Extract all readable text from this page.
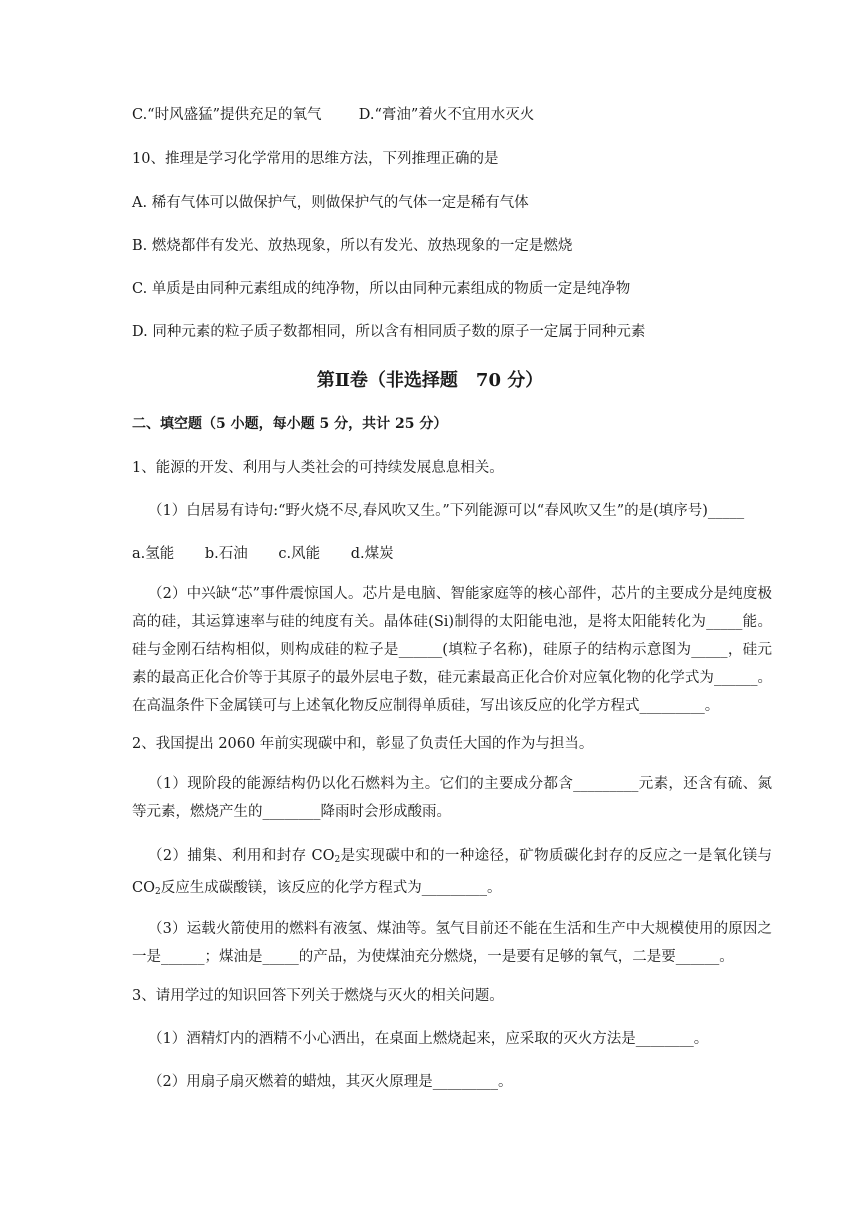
C.“时风盛猛”提供充足的氧气	D.“膏油”着火不宜用水灭火
10、推理是学习化学常用的思维方法，下列推理正确的是
A. 稀有气体可以做保护气，则做保护气的气体一定是稀有气体
B. 燃烧都伴有发光、放热现象，所以有发光、放热现象的一定是燃烧
C. 单质是由同种元素组成的纯净物，所以由同种元素组成的物质一定是纯净物
D. 同种元素的粒子质子数都相同，所以含有相同质子数的原子一定属于同种元素
第Ⅱ卷（非选择题　70 分）
二、填空题（5 小题，每小题 5 分，共计 25 分）
1、能源的开发、利用与人类社会的可持续发展息息相关。
（1）白居易有诗句:“野火烧不尽,春风吹又生。”下列能源可以“春风吹又生”的是(填序号)_____
a.氢能 b.石油 c.风能 d.煤炭
（2）中兴缺“芯”事件震惊国人。芯片是电脑、智能家庭等的核心部件，芯片的主要成分是纯度极高的硅，其运算速率与硅的纯度有关。晶体硅(Si)制得的太阳能电池，是将太阳能转化为_____能。硅与金刚石结构相似，则构成硅的粒子是______(填粒子名称)，硅原子的结构示意图为_____，硅元素的最高正化合价等于其原子的最外层电子数，硅元素最高正化合价对应氧化物的化学式为______。在高温条件下金属镁可与上述氧化物反应制得单质硅，写出该反应的化学方程式_________。
2、我国提出 2060 年前实现碳中和，彰显了负责任大国的作为与担当。
（1）现阶段的能源结构仍以化石燃料为主。它们的主要成分都含_________元素，还含有硫、氮等元素，燃烧产生的________降雨时会形成酸雨。
（2）捕集、利用和封存 $CO_2$是实现碳中和的一种途径，矿物质碳化封存的反应之一是氧化镁与 $CO_2$反应生成碳酸镁，该反应的化学方程式为_________。
（3）运载火箭使用的燃料有液氢、煤油等。氢气目前还不能在生活和生产中大规模使用的原因之一是______；煤油是_____的产品，为使煤油充分燃烧，一是要有足够的氧气，二是要______。
3、请用学过的知识回答下列关于燃烧与灭火的相关问题。
（1）酒精灯内的酒精不小心洒出，在桌面上燃烧起来，应采取的灭火方法是________。
（2）用扇子扇灭燃着的蜡烛，其灭火原理是_________。
